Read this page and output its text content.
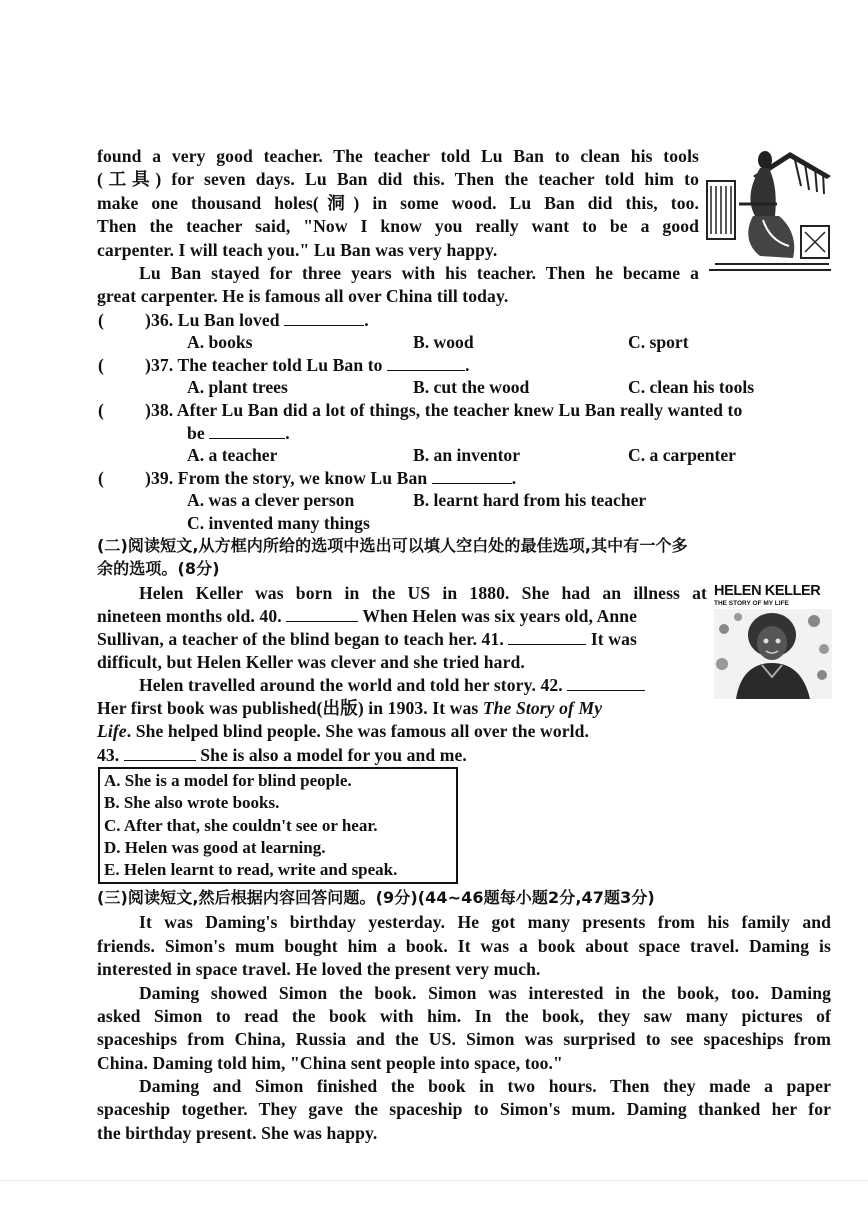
found a very good teacher. The teacher told Lu Ban to clean his tools
(工具) for seven days. Lu Ban did this. Then the teacher told him to
make one thousand holes(洞) in some wood. Lu Ban did this, too.
Then the teacher said, "Now I know you really want to be a good
carpenter. I will teach you." Lu Ban was very happy.
Lu Ban stayed for three years with his teacher. Then he became a
great carpenter. He is famous all over China till today.
( )36. Lu Ban loved	.
A. books	B. wood	C. sport
( )37. The teacher told Lu Ban to	.
A. plant trees	B. cut the wood	C. clean his tools
( )38. After Lu Ban did a lot of things, the teacher knew Lu Ban really wanted to
be	.
A. a teacher	B. an inventor	C. a carpenter
( )39. From the story, we know Lu Ban	.
A. was a clever person	B. learnt hard from his teacher
C. invented many things
(二)阅读短文,从方框内所给的选项中选出可以填人空白处的最佳选项,其中有一个多
余的选项。(8分)
Helen Keller was born in the US in 1880. She had an illness at
nineteen months old. 40.	When Helen was six years old, Anne
Sullivan, a teacher of the blind began to teach her. 41.	It was
difficult, but Helen Keller was clever and she tried hard.
Helen travelled around the world and told her story. 42.
Her first book was published(出版) in 1903. It was The Story of My
Life. She helped blind people. She was famous all over the world.
43.	She is also a model for you and me.
HELEN KELLER
THE STORY OF MY LIFE
A. She is a model for blind people.
B. She also wrote books.
C. After that, she couldn't see or hear.
D. Helen was good at learning.
E. Helen learnt to read, write and speak.
(三)阅读短文,然后根据内容回答问题。(9分)(44~46题每小题2分,47题3分)
It was Daming's birthday yesterday. He got many presents from his family and
friends. Simon's mum bought him a book. It was a book about space travel. Daming is
interested in space travel. He loved the present very much.
Daming showed Simon the book. Simon was interested in the book, too. Daming
asked Simon to read the book with him. In the book, they saw many pictures of
spaceships from China, Russia and the US. Simon was surprised to see spaceships from
China. Daming told him, "China sent people into space, too."
Daming and Simon finished the book in two hours. Then they made a paper
spaceship together. They gave the spaceship to Simon's mum. Daming thanked her for
the birthday present. She was happy.
